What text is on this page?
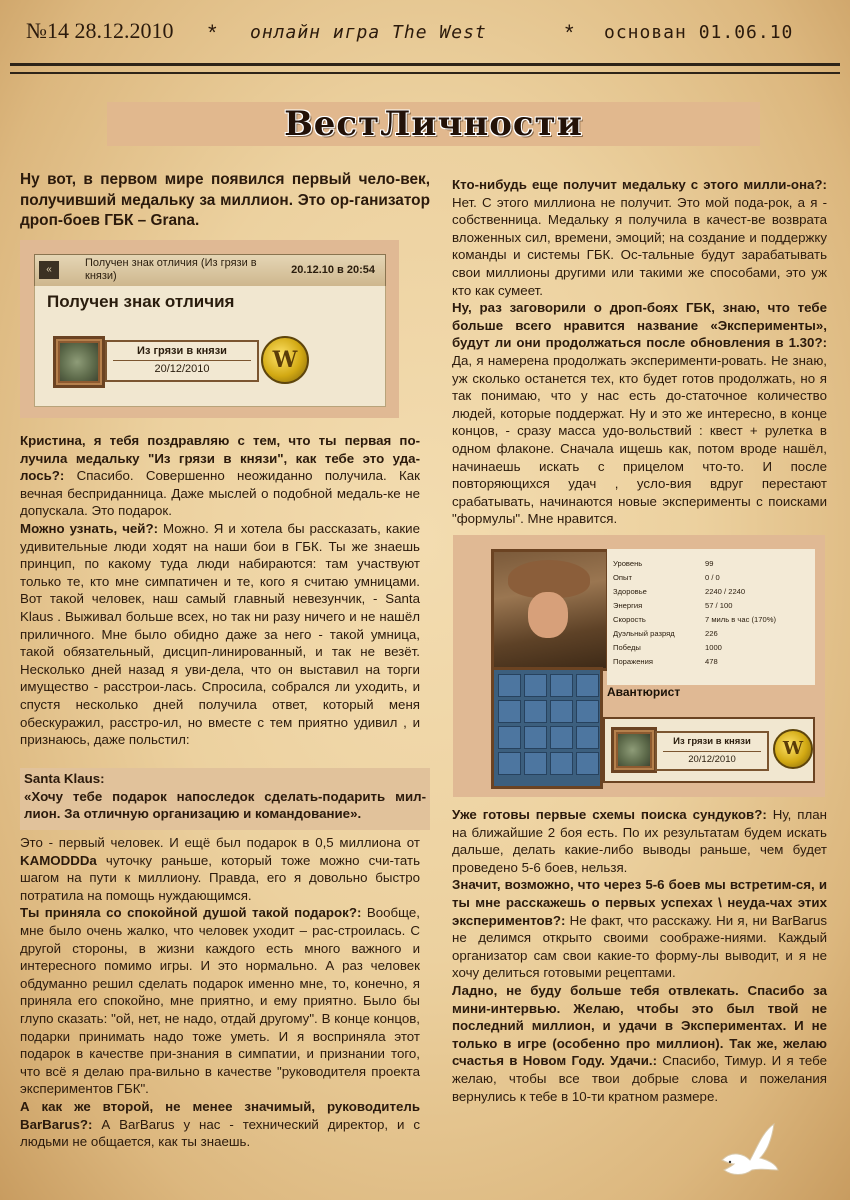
№14 28.12.2010 * онлайн игра The West	* основан 01.06.10
ВестЛичности
Ну вот, в первом мире появился первый чело-век, получивший медальку за миллион. Это ор-ганизатор дроп-боев ГБК – Grana.
«
Получен знак отличия (Из грязи в князи)	20.12.10 в 20:54
Получен знак отличия
Из грязи в князи
20/12/2010	W

Кристина, я тебя поздравляю с тем, что ты первая по-лучила медальку "Из грязи в князи", как тебе это уда-лось?: Спасибо. Совершенно неожиданно получила. Как вечная бесприданница. Даже мыслей о подобной медаль-ке не допускала. Это подарок.

Можно узнать, чей?: Можно. Я и хотела бы рассказать, какие удивительные люди ходят на наши бои в ГБК. Ты же знаешь принцип, по какому туда люди набираются: там участвуют только те, кто мне симпатичен и те, кого я считаю умницами. Вот такой человек, наш самый главный невезунчик, - Santa Klaus . Выживал больше всех, но так ни разу ничего и не нашёл приличного. Мне было обидно даже за него - такой умница, такой обязательный, дисцип-линированный, и так не везёт. Несколько дней назад я уви-дела, что он выставил на торги имущество - расстрои-лась. Спросила, собрался ли уходить, и спустя несколько дней получила ответ, который меня обескуражил, расстро-ил, но вместе с тем приятно удивил , и признаюсь, даже польстил:

Santa Klaus:

«Хочу тебе подарок напоследок сделать-подарить мил-лион. За отличную организацию и командование».

Это - первый человек. И ещё был подарок в 0,5 миллиона от KAMODDDa чуточку раньше, который тоже можно счи-тать шагом на пути к миллиону. Правда, его я довольно быстро потратила на помощь нуждающимся.

Ты приняла со спокойной душой такой подарок?: Вообще, мне было очень жалко, что человек уходит – рас-строилась. С другой стороны, в жизни каждого есть много важного и интересного помимо игры. И это нормально. А раз человек обдуманно решил сделать подарок именно мне, то, конечно, я приняла его спокойно, мне приятно, и ему приятно. Было бы глупо сказать: "ой, нет, не надо, отдай другому". В конце концов, подарки принимать надо тоже уметь. И я восприняла этот подарок в качестве при-знания в симпатии, и признании того, что всё я делаю пра-вильно в качестве "руководителя проекта экспериментов ГБК".

А как же второй, не менее значимый, руководитель BarBarus?: А BarBarus у нас - технический директор, и с людьми не общается, как ты знаешь.

Кто-нибудь еще получит медальку с этого милли-она?: Нет. С этого миллиона не получит. Это мой пода-рок, а я - собственница. Медальку я получила в качест-ве возврата вложенных сил, времени, эмоций; на создание и поддержку команды и системы ГБК. Ос-тальные будут зарабатывать свои миллионы другими или такими же способами, это уж кто как сумеет.

Ну, раз заговорили о дроп-боях ГБК, знаю, что тебе больше всего нравится название «Эксперименты», будут ли они продолжаться после обновления в 1.30?: Да, я намерена продолжать эксперименти-ровать. Не знаю, уж сколько останется тех, кто будет готов продолжать, но я так понимаю, что у нас есть до-статочное количество людей, которые поддержат. Ну и это же интересно, в конце концов, - сразу масса удо-вольствий : квест + рулетка в одном флаконе. Сначала ищешь как, потом вроде нашёл, начинаешь искать с прицелом что-то. И после повторяющихся удач , усло-вия вдруг перестают срабатывать, начинаются новые эксперименты с поисками "формулы". Мне нравится.

Уровень	99
Опыт	0 / 0
Здоровье	2240 / 2240
Энергия	57 / 100
Скорость	7 миль в час (170%)
Дуэльный разряд	226
Победы	1000
Поражения	478
Авантюрист
Из грязи в князи
20/12/2010
W

Уже готовы первые схемы поиска сундуков?: Ну, план на ближайшие 2 боя есть. По их результатам будем искать дальше, делать какие-либо выводы раньше, чем будет проведено 5-6 боев, нельзя.

Значит, возможно, что через 5-6 боев мы встретим-ся, и ты мне расскажешь о первых успехах \ неуда-чах этих экспериментов?: Не факт, что расскажу. Ни я, ни BarBarus не делимся открыто своими соображе-ниями. Каждый организатор сам свои какие-то форму-лы выводит, и я не хочу делиться готовыми рецептами.

Ладно, не буду больше тебя отвлекать. Спасибо за мини-интервью. Желаю, чтобы это был твой не последний миллион, и удачи в Экспериментах. И не только в игре (особенно про миллион). Так же, желаю счастья в Новом Году. Удачи.: Спасибо, Тимур. И я тебе желаю, чтобы все твои добрые слова и пожелания вернулись к тебе в 10-ти кратном размере.
